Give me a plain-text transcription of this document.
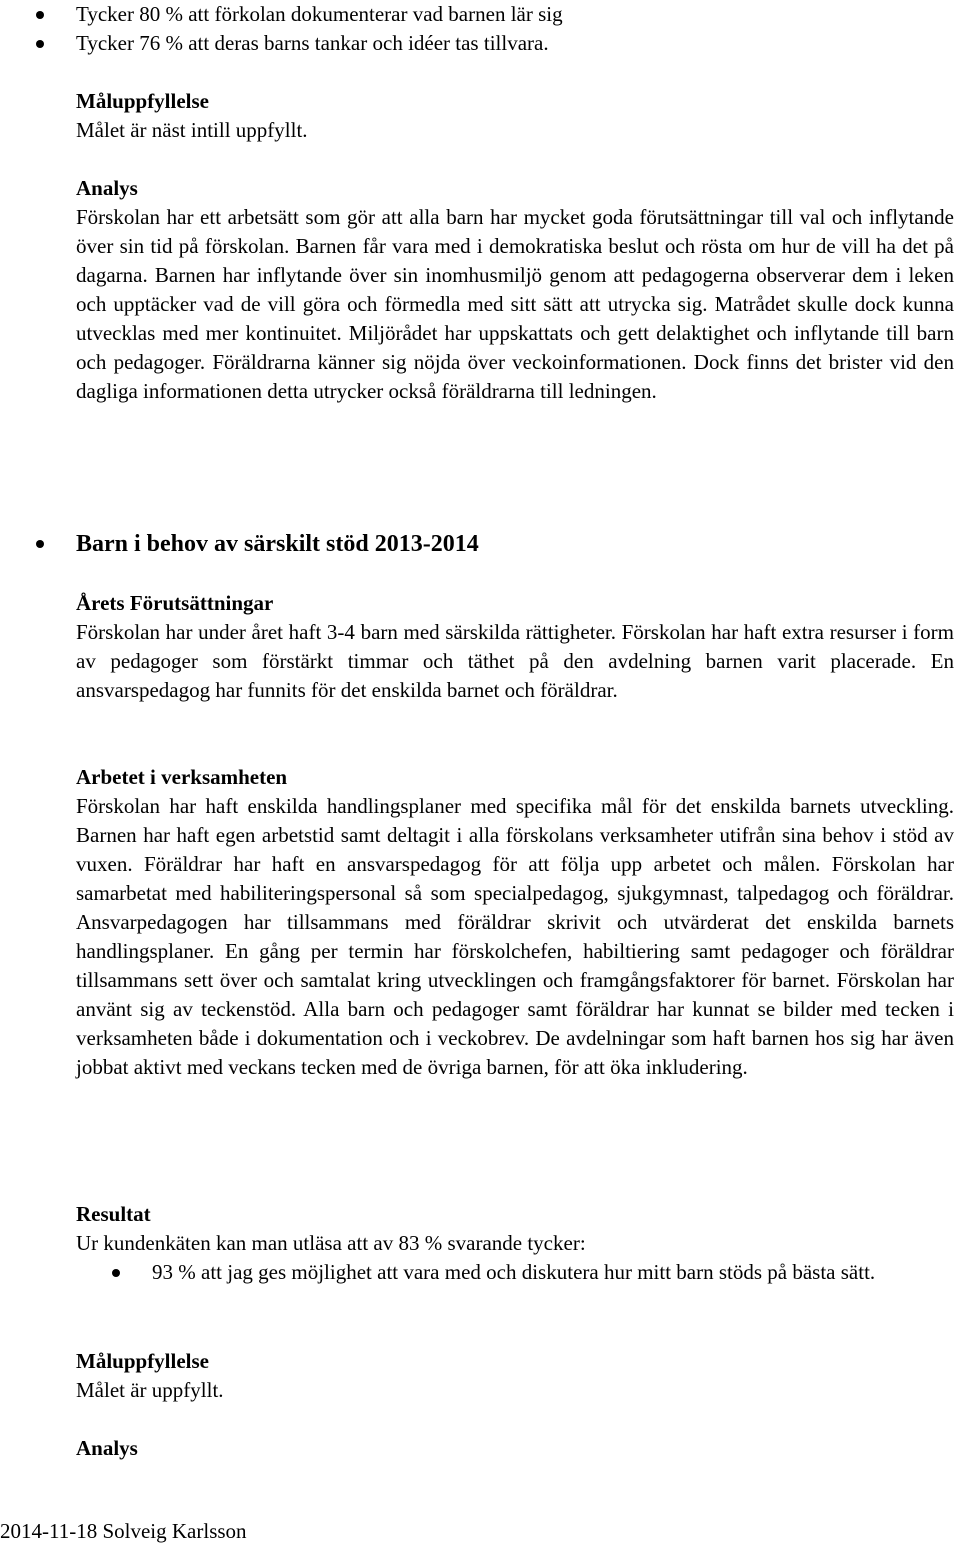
Tycker 80 % att förkolan dokumenterar vad barnen lär sig
Tycker 76 % att deras barns tankar och idéer tas tillvara.
Måluppfyllelse
Målet är näst intill uppfyllt.
Analys
Förskolan har ett arbetsätt som gör att alla barn har mycket goda förutsättningar till val och inflytande över sin tid på förskolan. Barnen får vara med i demokratiska beslut och rösta om hur de vill ha det på dagarna. Barnen har inflytande över sin inomhusmiljö genom att pedagogerna observerar dem i leken och upptäcker vad de vill göra och förmedla med sitt sätt att utrycka sig. Matrådet skulle dock kunna utvecklas med mer kontinuitet. Miljörådet har uppskattats och gett delaktighet och inflytande till barn och pedagoger. Föräldrarna känner sig nöjda över veckoinformationen. Dock finns det brister vid den dagliga informationen detta utrycker också föräldrarna till ledningen.
Barn i behov av särskilt stöd 2013-2014
Årets Förutsättningar
Förskolan har under året haft 3-4 barn med särskilda rättigheter. Förskolan har haft extra resurser i form av pedagoger som förstärkt timmar och täthet på den avdelning barnen varit placerade. En ansvarspedagog har funnits för det enskilda barnet och föräldrar.
Arbetet i verksamheten
Förskolan har haft enskilda handlingsplaner med specifika mål för det enskilda barnets utveckling. Barnen har haft egen arbetstid samt deltagit i alla förskolans verksamheter utifrån sina behov i stöd av vuxen. Föräldrar har haft en ansvarspedagog för att följa upp arbetet och målen. Förskolan har samarbetat med habiliteringspersonal så som specialpedagog, sjukgymnast, talpedagog och föräldrar. Ansvarpedagogen har tillsammans med föräldrar skrivit och utvärderat det enskilda barnets handlingsplaner. En gång per termin har förskolchefen, habiltiering samt pedagoger och föräldrar tillsammans sett över och samtalat kring utvecklingen och framgångsfaktorer för barnet. Förskolan har använt sig av teckenstöd. Alla barn och pedagoger samt föräldrar har kunnat se bilder med tecken i verksamheten både i dokumentation och i veckobrev. De avdelningar som haft barnen hos sig har även jobbat aktivt med veckans tecken med de övriga barnen, för att öka inkludering.
Resultat
Ur kundenkäten kan man utläsa att av 83 % svarande tycker:
93 % att jag ges möjlighet att vara med och diskutera hur mitt barn stöds på bästa sätt.
Måluppfyllelse
Målet är uppfyllt.
Analys
2014-11-18 Solveig Karlsson
